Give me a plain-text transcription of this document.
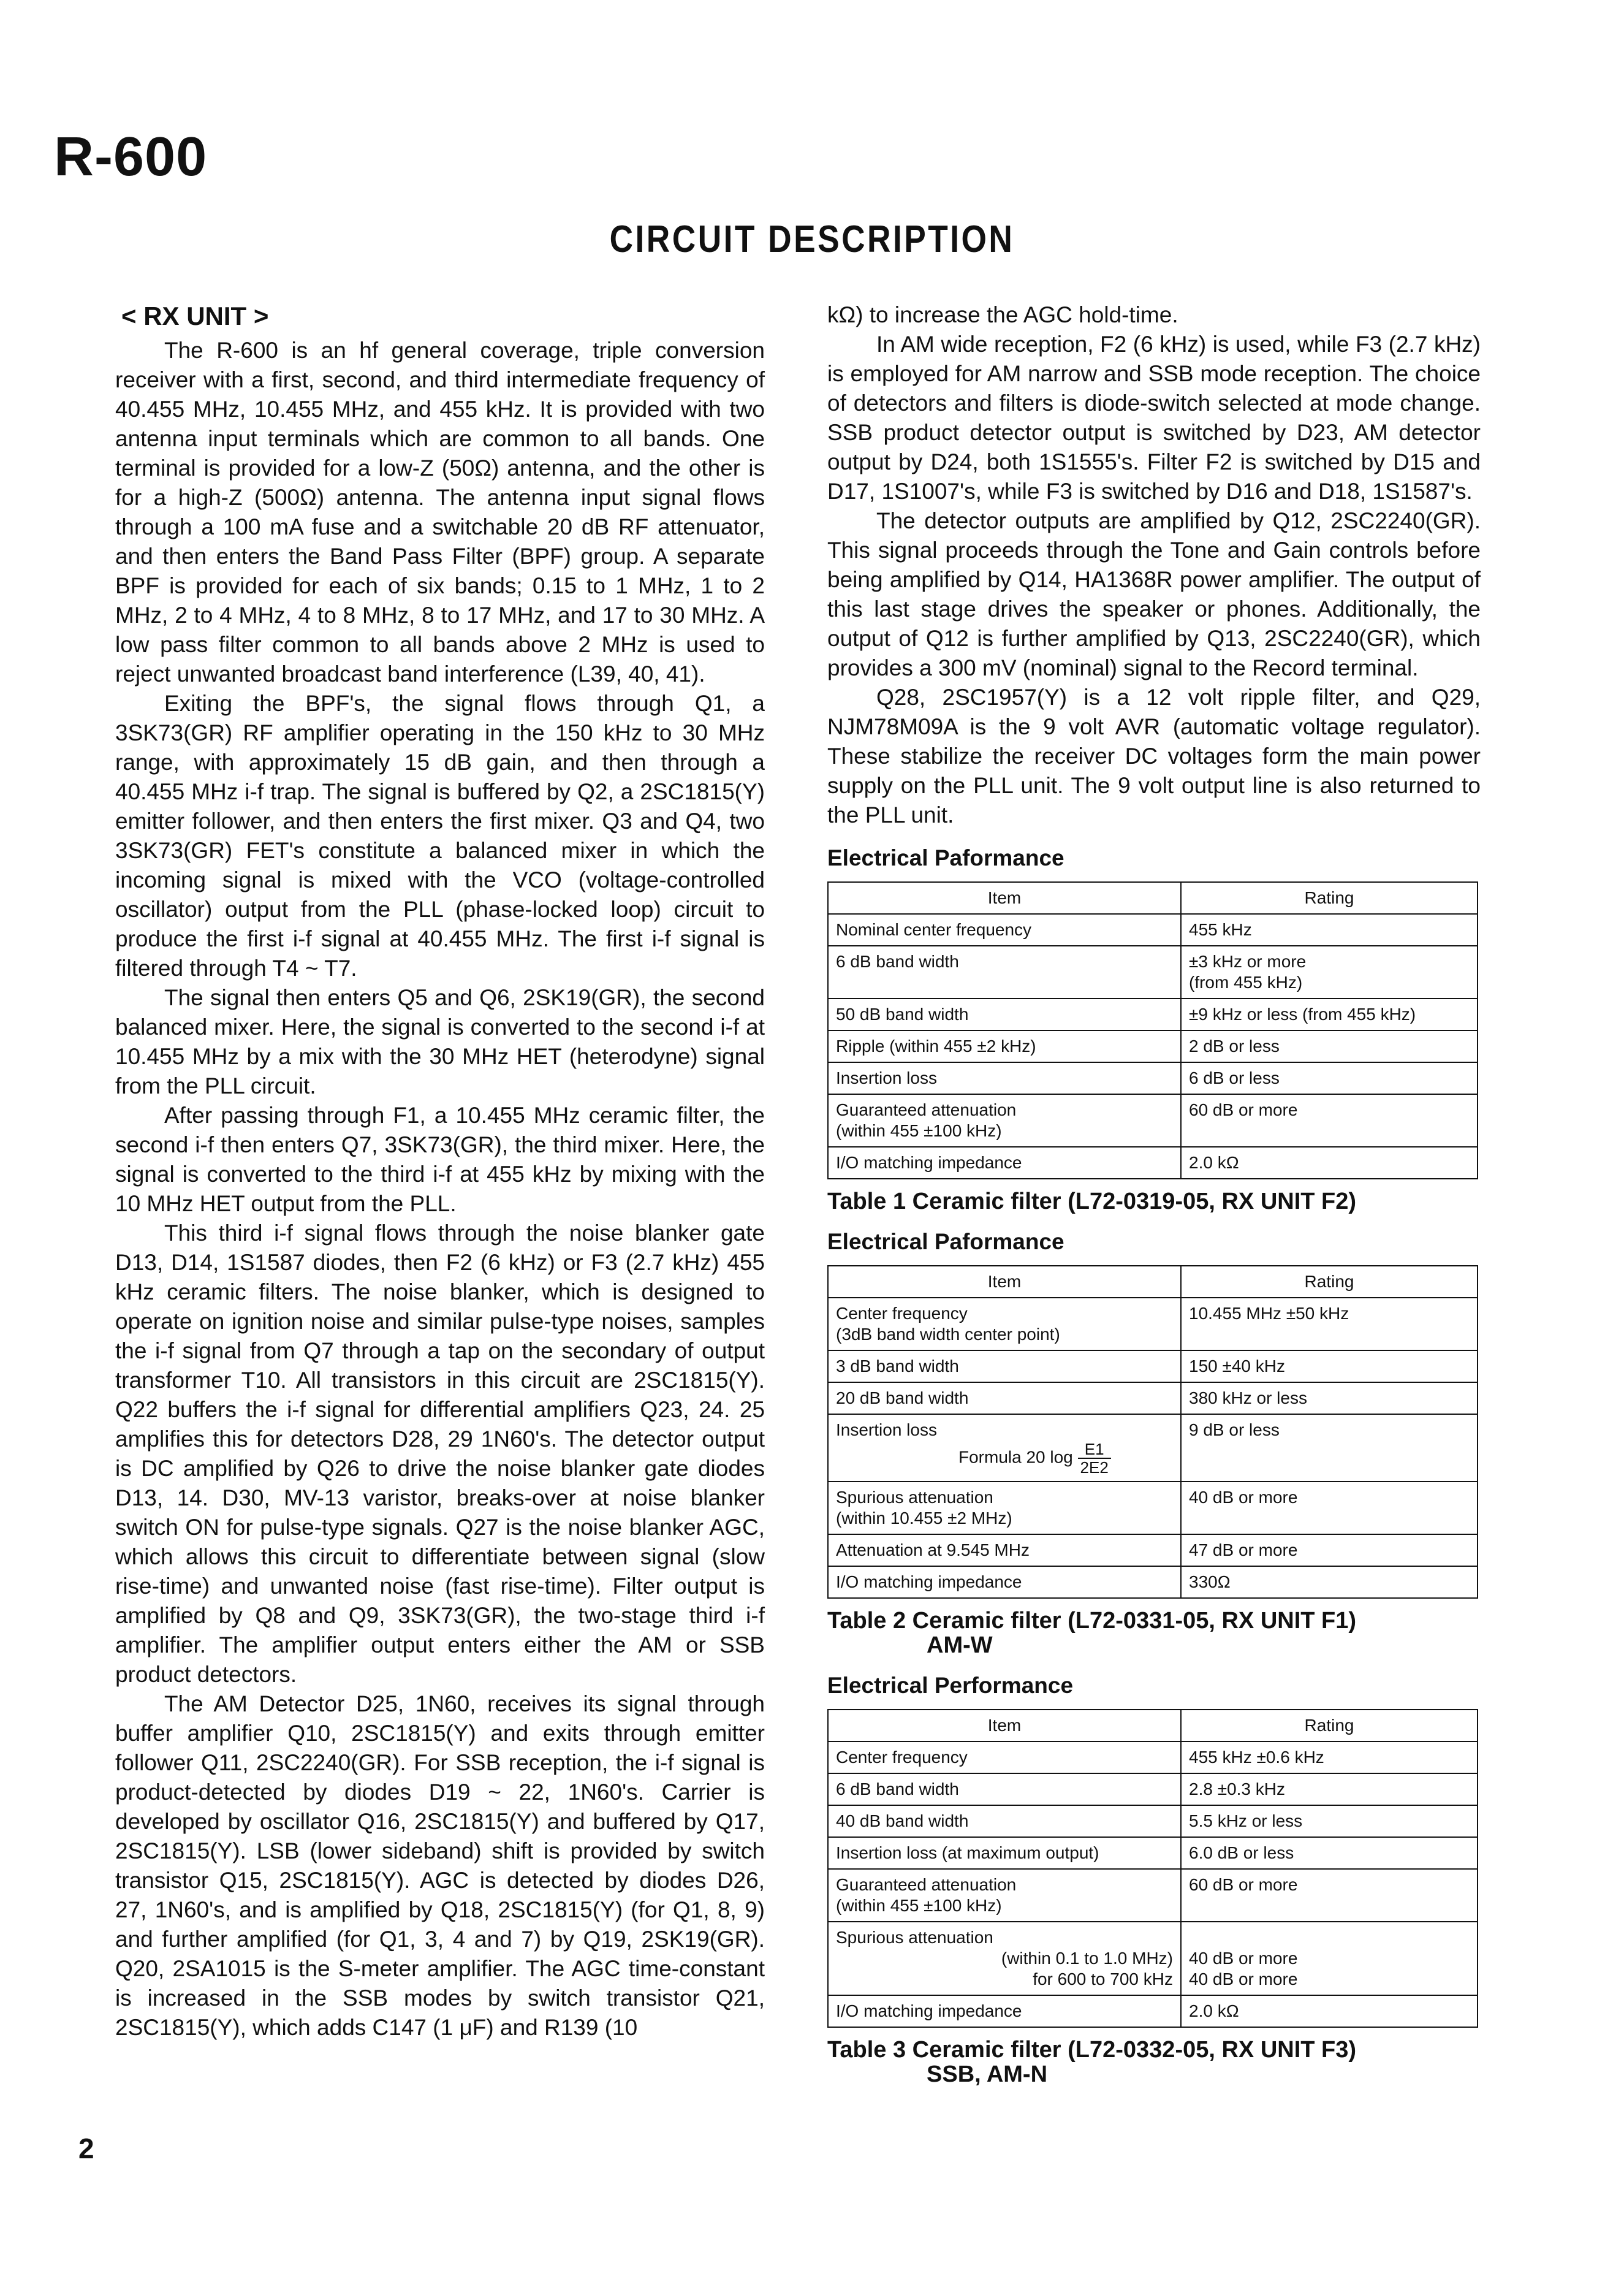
R-600
CIRCUIT DESCRIPTION
< RX UNIT >

The R-600 is an hf general coverage, triple conversion receiver with a first, second, and third intermediate frequency of 40.455 MHz, 10.455 MHz, and 455 kHz. It is provided with two antenna input terminals which are common to all bands. One terminal is provided for a low-Z (50Ω) antenna, and the other is for a high-Z (500Ω) antenna. The antenna input signal flows through a 100 mA fuse and a switchable 20 dB RF attenuator, and then enters the Band Pass Filter (BPF) group. A separate BPF is provided for each of six bands; 0.15 to 1 MHz, 1 to 2 MHz, 2 to 4 MHz, 4 to 8 MHz, 8 to 17 MHz, and 17 to 30 MHz. A low pass filter common to all bands above 2 MHz is used to reject unwanted broadcast band interference (L39, 40, 41).

Exiting the BPF's, the signal flows through Q1, a 3SK73(GR) RF amplifier operating in the 150 kHz to 30 MHz range, with approximately 15 dB gain, and then through a 40.455 MHz i-f trap. The signal is buffered by Q2, a 2SC1815(Y) emitter follower, and then enters the first mixer. Q3 and Q4, two 3SK73(GR) FET's constitute a balanced mixer in which the incoming signal is mixed with the VCO (voltage-controlled oscillator) output from the PLL (phase-locked loop) circuit to produce the first i-f signal at 40.455 MHz. The first i-f signal is filtered through T4 ~ T7.

The signal then enters Q5 and Q6, 2SK19(GR), the second balanced mixer. Here, the signal is converted to the second i-f at 10.455 MHz by a mix with the 30 MHz HET (heterodyne) signal from the PLL circuit.

After passing through F1, a 10.455 MHz ceramic filter, the second i-f then enters Q7, 3SK73(GR), the third mixer. Here, the signal is converted to the third i-f at 455 kHz by mixing with the 10 MHz HET output from the PLL.

This third i-f signal flows through the noise blanker gate D13, D14, 1S1587 diodes, then F2 (6 kHz) or F3 (2.7 kHz) 455 kHz ceramic filters. The noise blanker, which is designed to operate on ignition noise and similar pulse-type noises, samples the i-f signal from Q7 through a tap on the secondary of output transformer T10. All transistors in this circuit are 2SC1815(Y). Q22 buffers the i-f signal for differential amplifiers Q23, 24. 25 amplifies this for detectors D28, 29 1N60's. The detector output is DC amplified by Q26 to drive the noise blanker gate diodes D13, 14. D30, MV-13 varistor, breaks-over at noise blanker switch ON for pulse-type signals. Q27 is the noise blanker AGC, which allows this circuit to differentiate between signal (slow rise-time) and unwanted noise (fast rise-time). Filter output is amplified by Q8 and Q9, 3SK73(GR), the two-stage third i-f amplifier. The amplifier output enters either the AM or SSB product detectors.

The AM Detector D25, 1N60, receives its signal through buffer amplifier Q10, 2SC1815(Y) and exits through emitter follower Q11, 2SC2240(GR). For SSB reception, the i-f signal is product-detected by diodes D19 ~ 22, 1N60's. Carrier is developed by oscillator Q16, 2SC1815(Y) and buffered by Q17, 2SC1815(Y). LSB (lower sideband) shift is provided by switch transistor Q15, 2SC1815(Y). AGC is detected by diodes D26, 27, 1N60's, and is amplified by Q18, 2SC1815(Y) (for Q1, 8, 9) and further amplified (for Q1, 3, 4 and 7) by Q19, 2SK19(GR). Q20, 2SA1015 is the S-meter amplifier. The AGC time-constant is increased in the SSB modes by switch transistor Q21, 2SC1815(Y), which adds C147 (1 μF) and R139 (10

kΩ) to increase the AGC hold-time.

In AM wide reception, F2 (6 kHz) is used, while F3 (2.7 kHz) is employed for AM narrow and SSB mode reception. The choice of detectors and filters is diode-switch selected at mode change. SSB product detector output is switched by D23, AM detector output by D24, both 1S1555's. Filter F2 is switched by D15 and D17, 1S1007's, while F3 is switched by D16 and D18, 1S1587's.

The detector outputs are amplified by Q12, 2SC2240(GR). This signal proceeds through the Tone and Gain controls before being amplified by Q14, HA1368R power amplifier. The output of this last stage drives the speaker or phones. Additionally, the output of Q12 is further amplified by Q13, 2SC2240(GR), which provides a 300 mV (nominal) signal to the Record terminal.

Q28, 2SC1957(Y) is a 12 volt ripple filter, and Q29, NJM78M09A is the 9 volt AVR (automatic voltage regulator). These stabilize the receiver DC voltages form the main power supply on the PLL unit. The 9 volt output line is also returned to the PLL unit.

Electrical Paformance
Item	Rating
Nominal center frequency	455 kHz
6 dB band width	±3 kHz or more
(from 455 kHz)

50 dB band width	±9 kHz or less (from 455 kHz)
Ripple (within 455 ±2 kHz)	2 dB or less
Insertion loss	6 dB or less

Guaranteed attenuation
(within 455 ±100 kHz)	60 dB or more
I/O matching impedance	2.0 kΩ
Table 1 Ceramic filter (L72-0319-05, RX UNIT F2)
Electrical Paformance
Item	Rating

Center frequency
(3dB band width center point)	10.455 MHz ±50 kHz
3 dB band width	150 ±40 kHz
20 dB band width	380 kHz or less

Insertion loss
Formula 20 $\log \frac{E1}{2E2}$	9 dB or less

Spurious attenuation
(within 10.455 ±2 MHz)	40 dB or more
Attenuation at 9.545 MHz	47 dB or more
I/O matching impedance	330Ω
Table 2 Ceramic filter (L72-0331-05, RX UNIT F1)
AM-W
Electrical Performance
Item	Rating
Center frequency	455 kHz ±0.6 kHz
6 dB band width	2.8 ±0.3 kHz
40 dB band width	5.5 kHz or less
Insertion loss (at maximum output)	6.0 dB or less

Guaranteed attenuation
(within 455 ±100 kHz)	60 dB or more

Spurious attenuation
(within 0.1 to 1.0 MHz)
for 600 to 700 kHz	40 dB or more
40 dB or more

I/O matching impedance	2.0 kΩ
Table 3 Ceramic filter (L72-0332-05, RX UNIT F3)
SSB, AM-N
2
